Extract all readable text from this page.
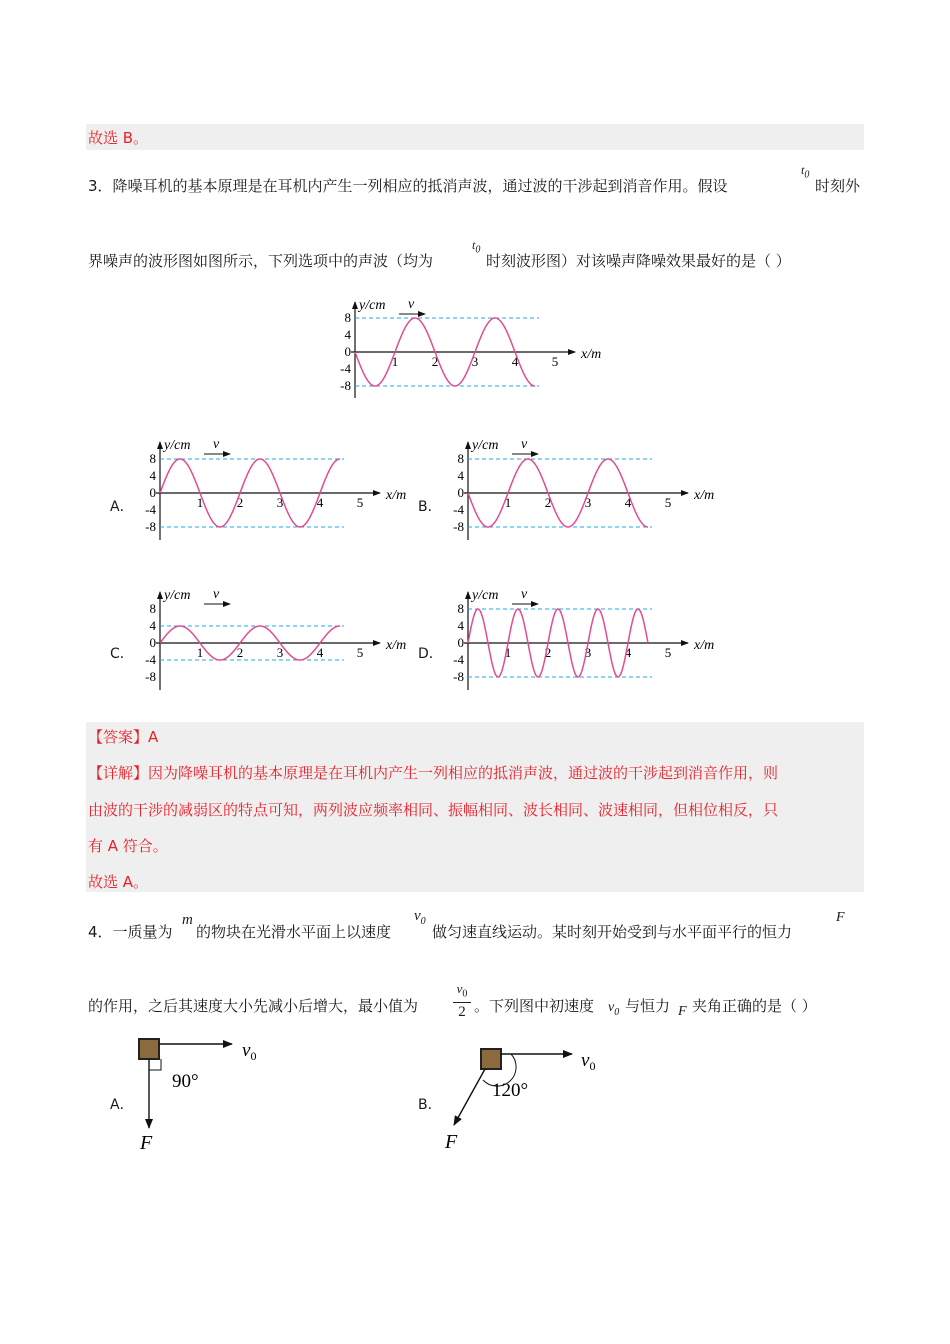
故选 B。
3．降噪耳机的基本原理是在耳机内产生一列相应的抵消声波，通过波的干涉起到消音作用。假设
$t_0$
时刻外
界噪声的波形图如图所示，下列选项中的声波（均为
$t_0$
时刻波形图）对该噪声降噪效果最好的是（ ）
8
4
0
-4
-8
1	2	3	4	5
y/cm v
x/m
A．
8
4
0
-4
-8
1	2	3	4	5
y/cm v
x/m
B．
8
4
0
-4
-8
1	2	3	4	5
y/cm v
x/m
C．
8
4
0
-4
-8
1	2	3	4	5
y/cm v
x/m
D．
8
4
0
-4
-8
1	2	3	4	5
y/cm v
x/m
【答案】A
【详解】因为降噪耳机的基本原理是在耳机内产生一列相应的抵消声波，通过波的干涉起到消音作用，则
由波的干涉的减弱区的特点可知，两列波应频率相同、振幅相同、波长相同、波速相同，但相位相反，只
有 A 符合。
故选 A。
4．一质量为
m
的物块在光滑水平面上以速度
$v_0$
做匀速直线运动。某时刻开始受到与水平面平行的恒力
F
的作用，之后其速度大小先减小后增大，最小值为
$v_0$
2 。下列图中初速度 $v_0$ 与恒力 F 夹角正确的是（ ）
A．
90°
$v_0$
F
B．
120°
$v_0$
F
